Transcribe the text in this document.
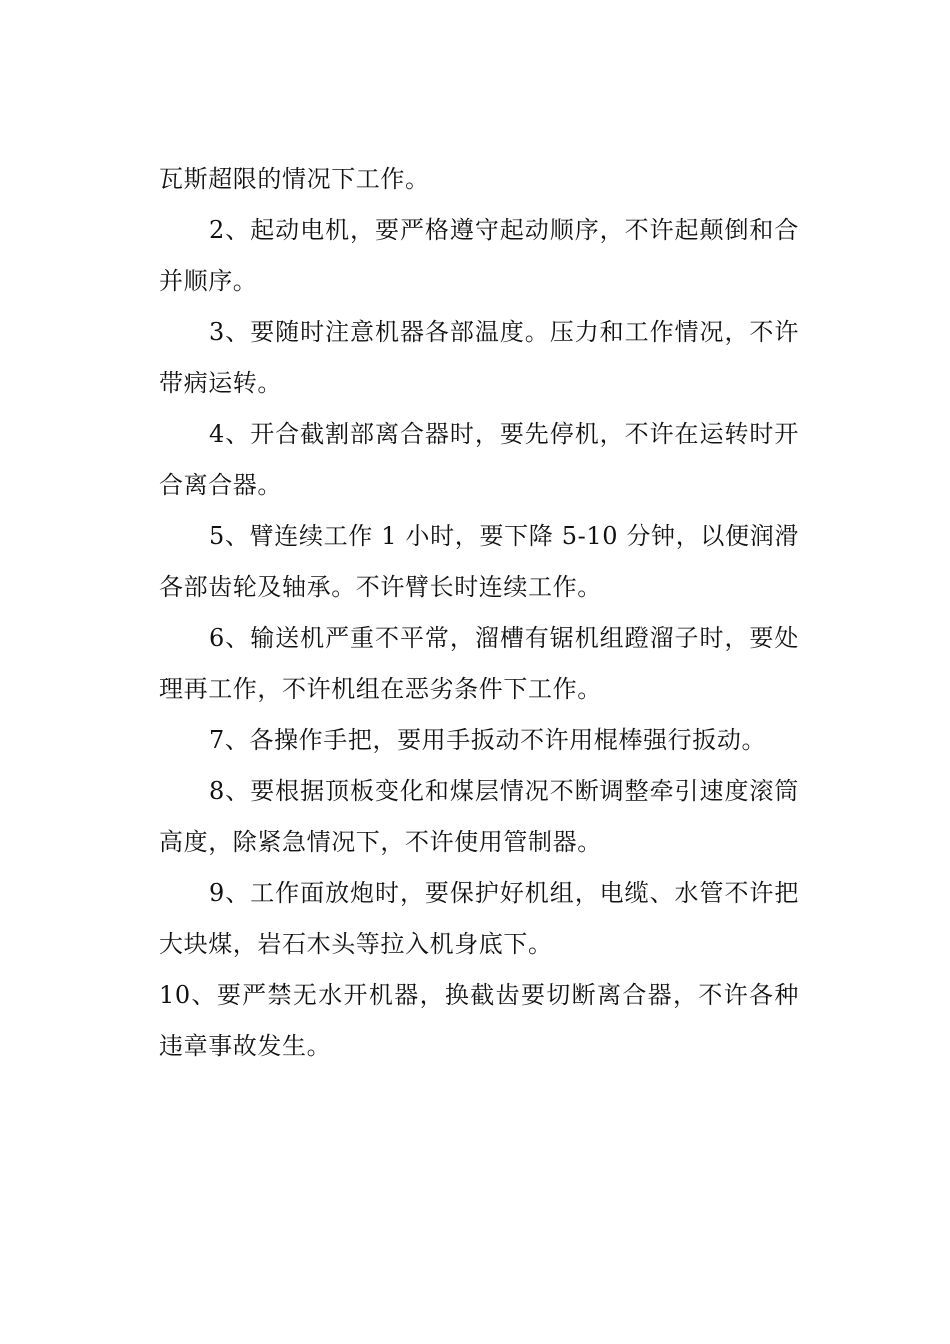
瓦斯超限的情况下工作。

2、起动电机，要严格遵守起动顺序，不许起颠倒和合并顺序。

3、要随时注意机器各部温度。压力和工作情况，不许带病运转。

4、开合截割部离合器时，要先停机，不许在运转时开合离合器。

5、臂连续工作 1 小时，要下降 5-10 分钟，以便润滑各部齿轮及轴承。不许臂长时连续工作。

6、输送机严重不平常，溜槽有锯机组蹬溜子时，要处理再工作，不许机组在恶劣条件下工作。

7、各操作手把，要用手扳动不许用棍棒强行扳动。

8、要根据顶板变化和煤层情况不断调整牵引速度滚筒高度，除紧急情况下，不许使用管制器。

9、工作面放炮时，要保护好机组，电缆、水管不许把大块煤，岩石木头等拉入机身底下。

10、要严禁无水开机器，换截齿要切断离合器，不许各种违章事故发生。
